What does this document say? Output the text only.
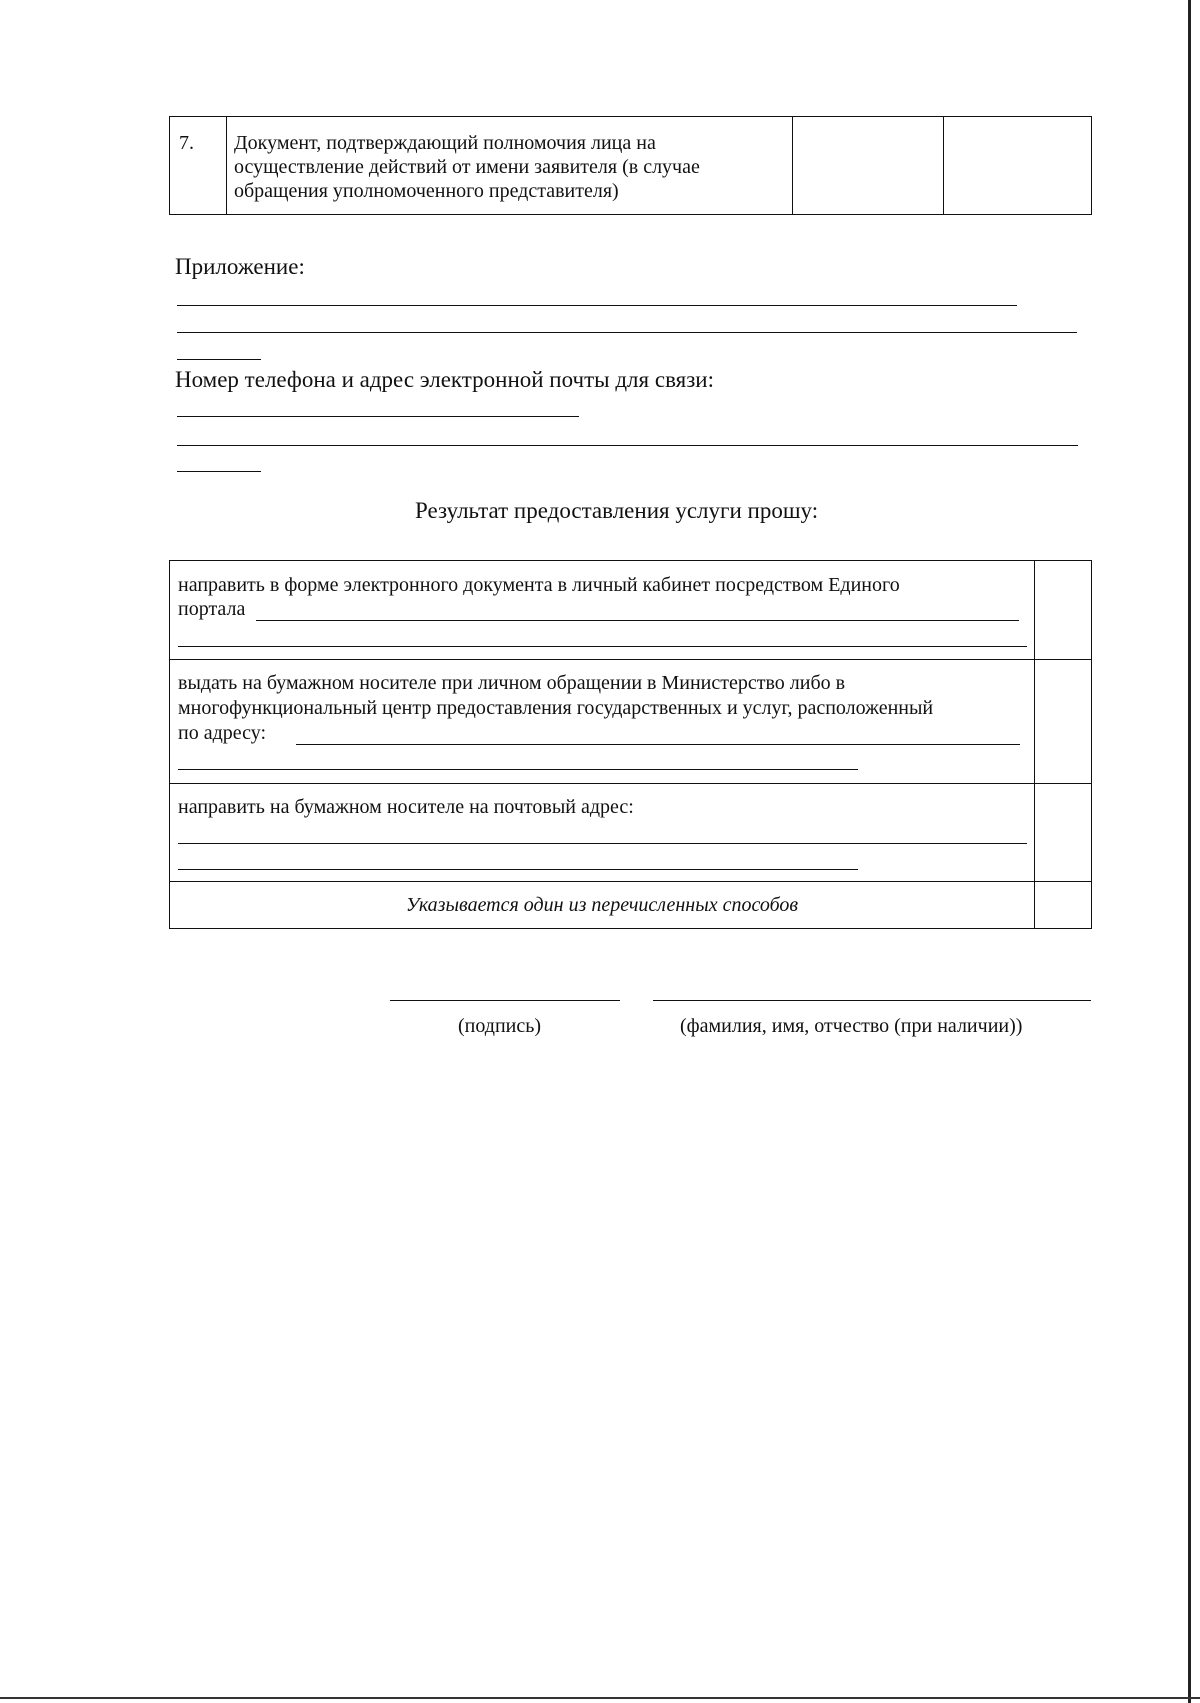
7. Документ, подтверждающий полномочия лица на
осуществление действий от имени заявителя (в случае
обращения уполномоченного представителя)
Приложение:
Номер телефона и адрес электронной почты для связи:
Результат предоставления услуги прошу:
направить в форме электронного документа в личный кабинет посредством Единого
портала
выдать на бумажном носителе при личном обращении в Министерство либо в
многофункциональный центр предоставления государственных и услуг, расположенный
по адресу:
направить на бумажном носителе на почтовый адрес:
Указывается один из перечисленных способов
(подпись)	(фамилия, имя, отчество (при наличии))
